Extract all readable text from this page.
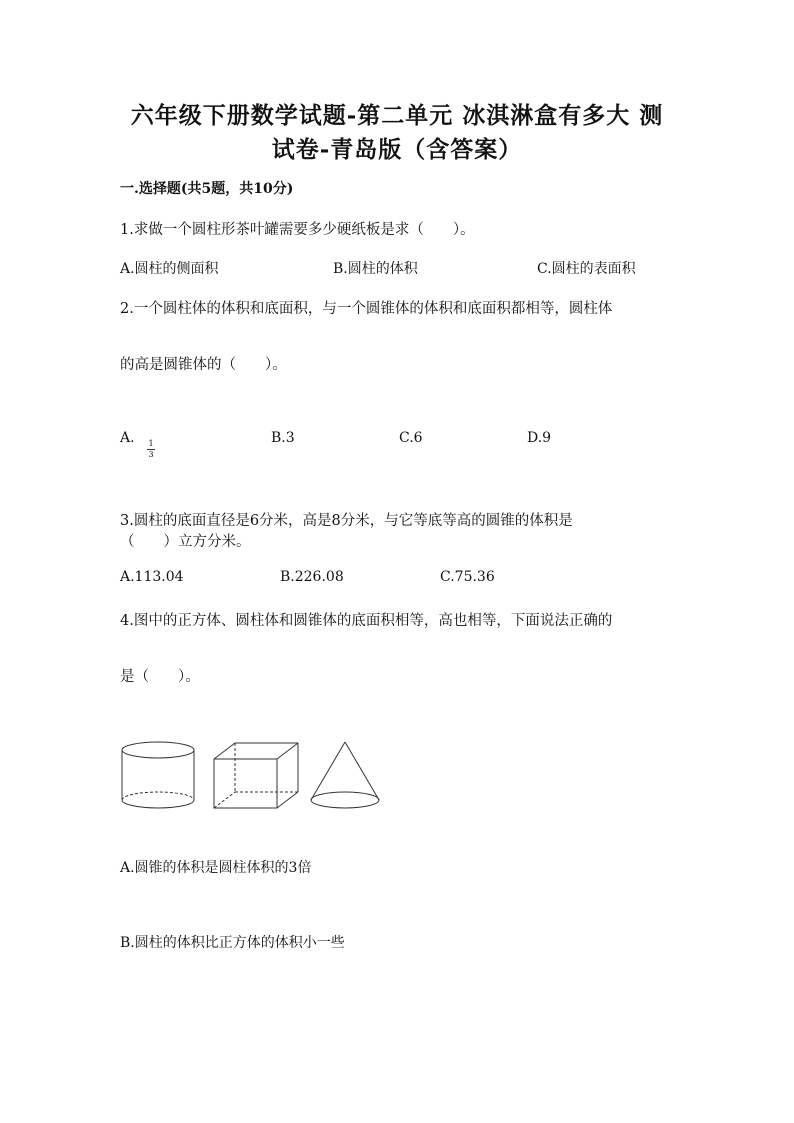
六年级下册数学试题-第二单元 冰淇淋盒有多大 测
试卷-青岛版（含答案）
一.选择题(共5题，共10分)
1.求做一个圆柱形茶叶罐需要多少硬纸板是求（　　）。
A.圆柱的侧面积	B.圆柱的体积	C.圆柱的表面积
2.一个圆柱体的体积和底面积，与一个圆锥体的体积和底面积都相等，圆柱体
的高是圆锥体的（　　）。
A. 1
3
B.3	C.6	D.9
3.圆柱的底面直径是6分米，高是8分米，与它等底等高的圆锥的体积是
（　　）立方分米。
A.113.04	B.226.08	C.75.36
4.图中的正方体、圆柱体和圆锥体的底面积相等，高也相等，下面说法正确的
是（　　）。
A.圆锥的体积是圆柱体积的3倍
B.圆柱的体积比正方体的体积小一些
